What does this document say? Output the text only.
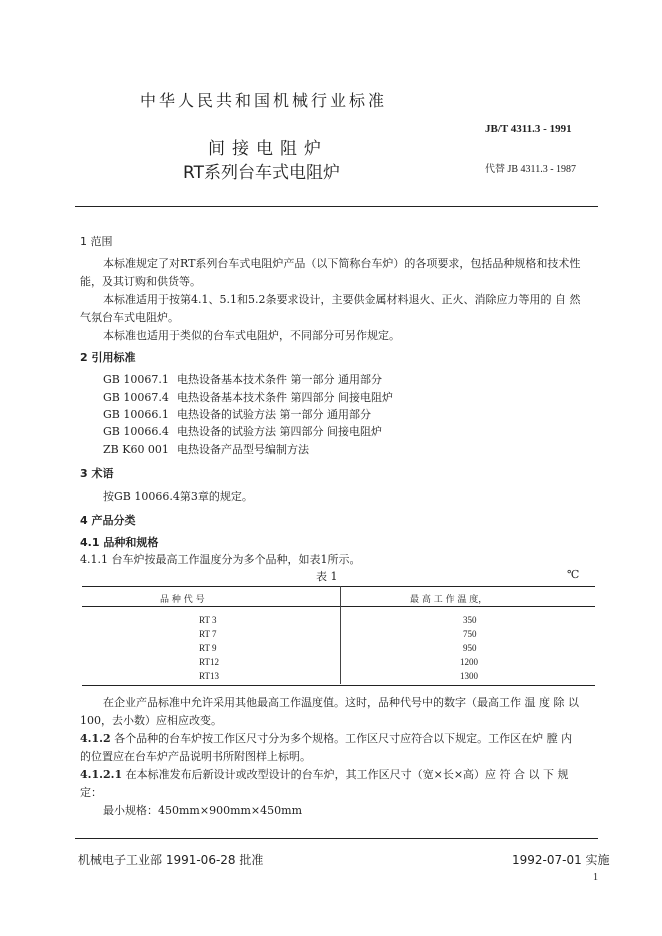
中华人民共和国机械行业标准
JB/T 4311.3 - 1991
间接电阻炉
RT系列台车式电阻炉	代替 JB 4311.3 - 1987
1 范围
本标准规定了对RT系列台车式电阻炉产品（以下简称台车炉）的各项要求，包括品种规格和技术性
能，及其订购和供货等。
本标准适用于按第4.1、5.1和5.2条要求设计，主要供金属材料退火、正火、消除应力等用的 自 然
气氛台车式电阻炉。
本标准也适用于类似的台车式电阻炉，不同部分可另作规定。
2 引用标准
GB 10067.1 电热设备基本技术条件 第一部分 通用部分
GB 10067.4 电热设备基本技术条件 第四部分 间接电阻炉
GB 10066.1 电热设备的试验方法 第一部分 通用部分
GB 10066.4 电热设备的试验方法 第四部分 间接电阻炉
ZB K60 001 电热设备产品型号编制方法
3 术语
按GB 10066.4第3章的规定。
4 产品分类
4.1 品种和规格
4.1.1 台车炉按最高工作温度分为多个品种，如表1所示。
表 1	℃
品 种 代 号	最 高 工 作 温 度，
RT 3	350
RT 7	750
RT 9	950
RT12	1200
RT13	1300
在企业产品标准中允许采用其他最高工作温度值。这时，品种代号中的数字（最高工作 温 度 除 以
100，去小数）应相应改变。
4.1.2 各个品种的台车炉按工作区尺寸分为多个规格。工作区尺寸应符合以下规定。工作区在炉 膛 内
的位置应在台车炉产品说明书所附图样上标明。
4.1.2.1 在本标准发布后新设计或改型设计的台车炉，其工作区尺寸（宽×长×高）应 符 合 以 下 规
定：
最小规格：450mm×900mm×450mm
机械电子工业部 1991-06-28 批准	1992-07-01 实施
1
